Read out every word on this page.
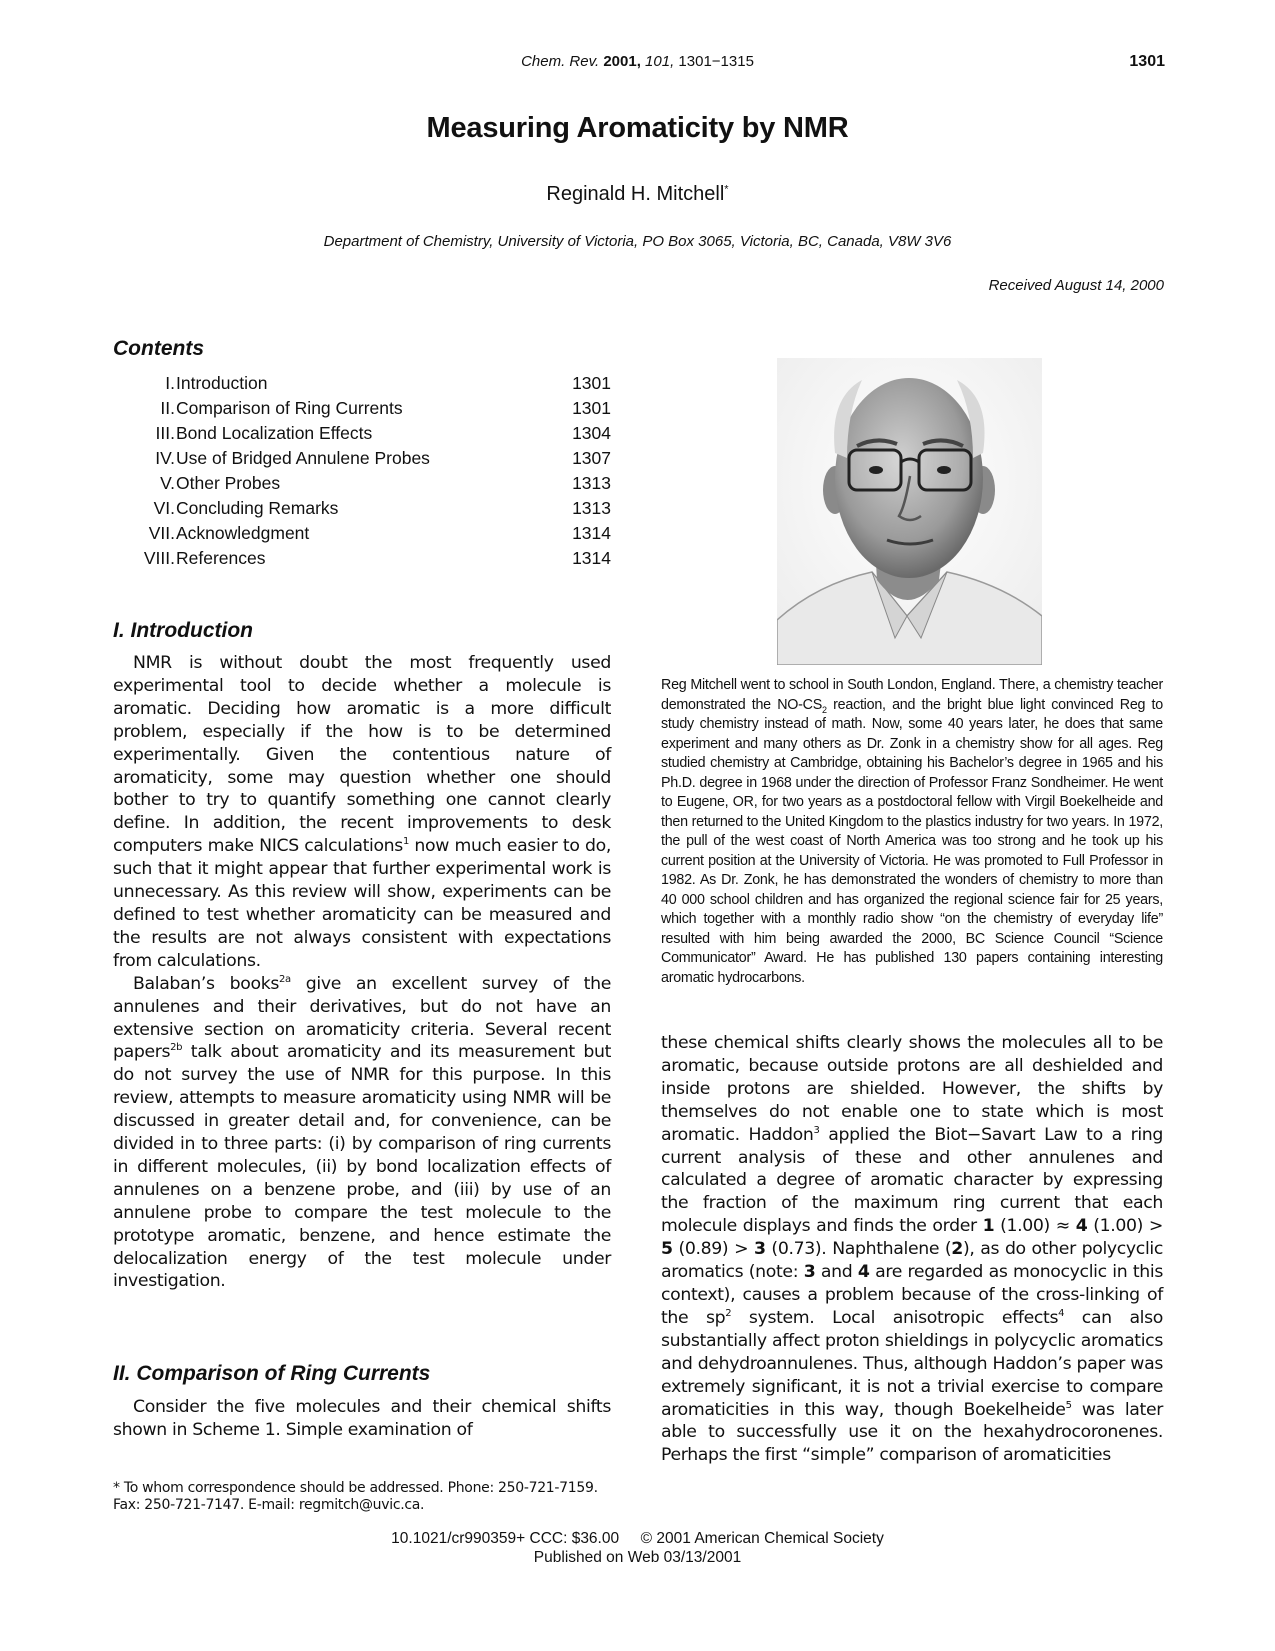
Chem. Rev. 2001, 101, 1301−1315	1301
Measuring Aromaticity by NMR
Reginald H. Mitchell*
Department of Chemistry, University of Victoria, PO Box 3065, Victoria, BC, Canada, V8W 3V6
Received August 14, 2000
Contents
I. Introduction	1301
II. Comparison of Ring Currents	1301
III. Bond Localization Effects	1304
IV. Use of Bridged Annulene Probes	1307
V. Other Probes	1313
VI. Concluding Remarks	1313
VII. Acknowledgment	1314
VIII. References	1314
I. Introduction

NMR is without doubt the most frequently used experimental tool to decide whether a molecule is aromatic. Deciding how aromatic is a more difficult problem, especially if the how is to be determined experimentally. Given the contentious nature of aromaticity, some may question whether one should bother to try to quantify something one cannot clearly define. In addition, the recent improvements to desk computers make NICS calculations$^1$ now much easier to do, such that it might appear that further experimental work is unnecessary. As this review will show, experiments can be defined to test whether aromaticity can be measured and the results are not always consistent with expectations from calculations.

Balaban’s books$^{2a}$ give an excellent survey of the annulenes and their derivatives, but do not have an extensive section on aromaticity criteria. Several recent papers$^{2b}$ talk about aromaticity and its measurement but do not survey the use of NMR for this purpose. In this review, attempts to measure aromaticity using NMR will be discussed in greater detail and, for convenience, can be divided in to three parts: (i) by comparison of ring currents in different molecules, (ii) by bond localization effects of annulenes on a benzene probe, and (iii) by use of an annulene probe to compare the test molecule to the prototype aromatic, benzene, and hence estimate the delocalization energy of the test molecule under investigation.

II. Comparison of Ring Currents

Consider the five molecules and their chemical shifts shown in Scheme 1. Simple examination of

Reg Mitchell went to school in South London, England. There, a chemistry teacher demonstrated the $NO-CS_2$ reaction, and the bright blue light convinced Reg to study chemistry instead of math. Now, some 40 years later, he does that same experiment and many others as Dr. Zonk in a chemistry show for all ages. Reg studied chemistry at Cambridge, obtaining his Bachelor’s degree in 1965 and his Ph.D. degree in 1968 under the direction of Professor Franz Sondheimer. He went to Eugene, OR, for two years as a postdoctoral fellow with Virgil Boekelheide and then returned to the United Kingdom to the plastics industry for two years. In 1972, the pull of the west coast of North America was too strong and he took up his current position at the University of Victoria. He was promoted to Full Professor in 1982. As Dr. Zonk, he has demonstrated the wonders of chemistry to more than 40 000 school children and has organized the regional science fair for 25 years, which together with a monthly radio show “on the chemistry of everyday life” resulted with him being awarded the 2000, BC Science Council “Science Communicator” Award. He has published 130 papers containing interesting aromatic hydrocarbons.

these chemical shifts clearly shows the molecules all to be aromatic, because outside protons are all deshielded and inside protons are shielded. However, the shifts by themselves do not enable one to state which is most aromatic. Haddon$^3$ applied the Biot−Savart Law to a ring current analysis of these and other annulenes and calculated a degree of aromatic character by expressing the fraction of the maximum ring current that each molecule displays and finds the order 1 (1.00) ≈ 4 (1.00) > 5 (0.89) > 3 (0.73). Naphthalene (2), as do other polycyclic aromatics (note: 3 and 4 are regarded as monocyclic in this context), causes a problem because of the cross-linking of the $sp^2$ system. Local anisotropic effects$^4$ can also substantially affect proton shieldings in polycyclic aromatics and dehydroannulenes. Thus, although Haddon’s paper was extremely significant, it is not a trivial exercise to compare aromaticities in this way, though Boekelheide$^5$ was later able to successfully use it on the hexahydrocoronenes. Perhaps the first “simple” comparison of aromaticities

* To whom correspondence should be addressed. Phone: 250-721-7159. Fax: 250-721-7147. E-mail: regmitch@uvic.ca.
10.1021/cr990359+ CCC: $36.00 © 2001 American Chemical Society
Published on Web 03/13/2001
